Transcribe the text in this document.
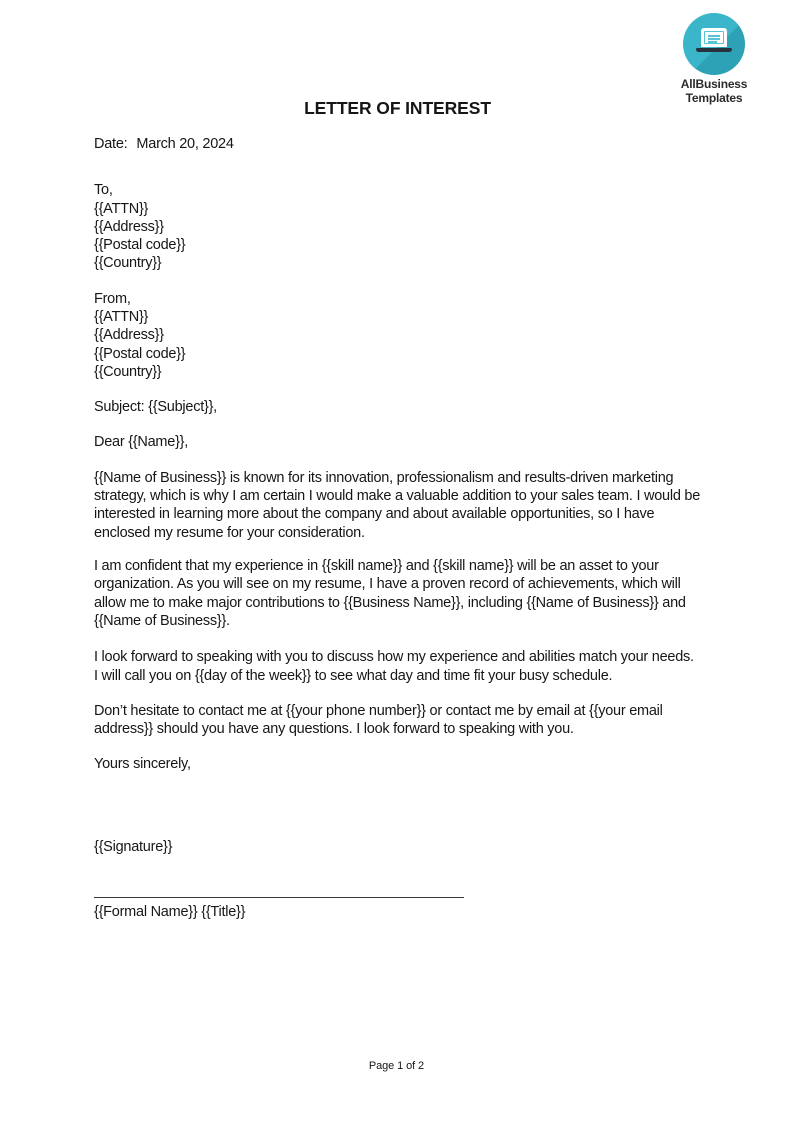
AllBusiness
Templates
LETTER OF INTEREST
Date: March 20, 2024
To,
{{ATTN}}
{{Address}}
{{Postal code}}
{{Country}}
From,
{{ATTN}}
{{Address}}
{{Postal code}}
{{Country}}
Subject: {{Subject}},
Dear {{Name}},

{{Name of Business}} is known for its innovation, professionalism and results-driven marketing strategy, which is why I am certain I would make a valuable addition to your sales team. I would be interested in learning more about the company and about available opportunities, so I have enclosed my resume for your consideration.

I am confident that my experience in {{skill name}} and {{skill name}} will be an asset to your organization. As you will see on my resume, I have a proven record of achievements, which will allow me to make major contributions to {{Business Name}}, including {{Name of Business}} and {{Name of Business}}.

I look forward to speaking with you to discuss how my experience and abilities match your needs. I will call you on {{day of the week}} to see what day and time fit your busy schedule.

Don’t hesitate to contact me at {{your phone number}} or contact me by email at {{your email address}} should you have any questions. I look forward to speaking with you.

Yours sincerely,
{{Signature}}
{{Formal Name}} {{Title}}
Page 1 of 2
